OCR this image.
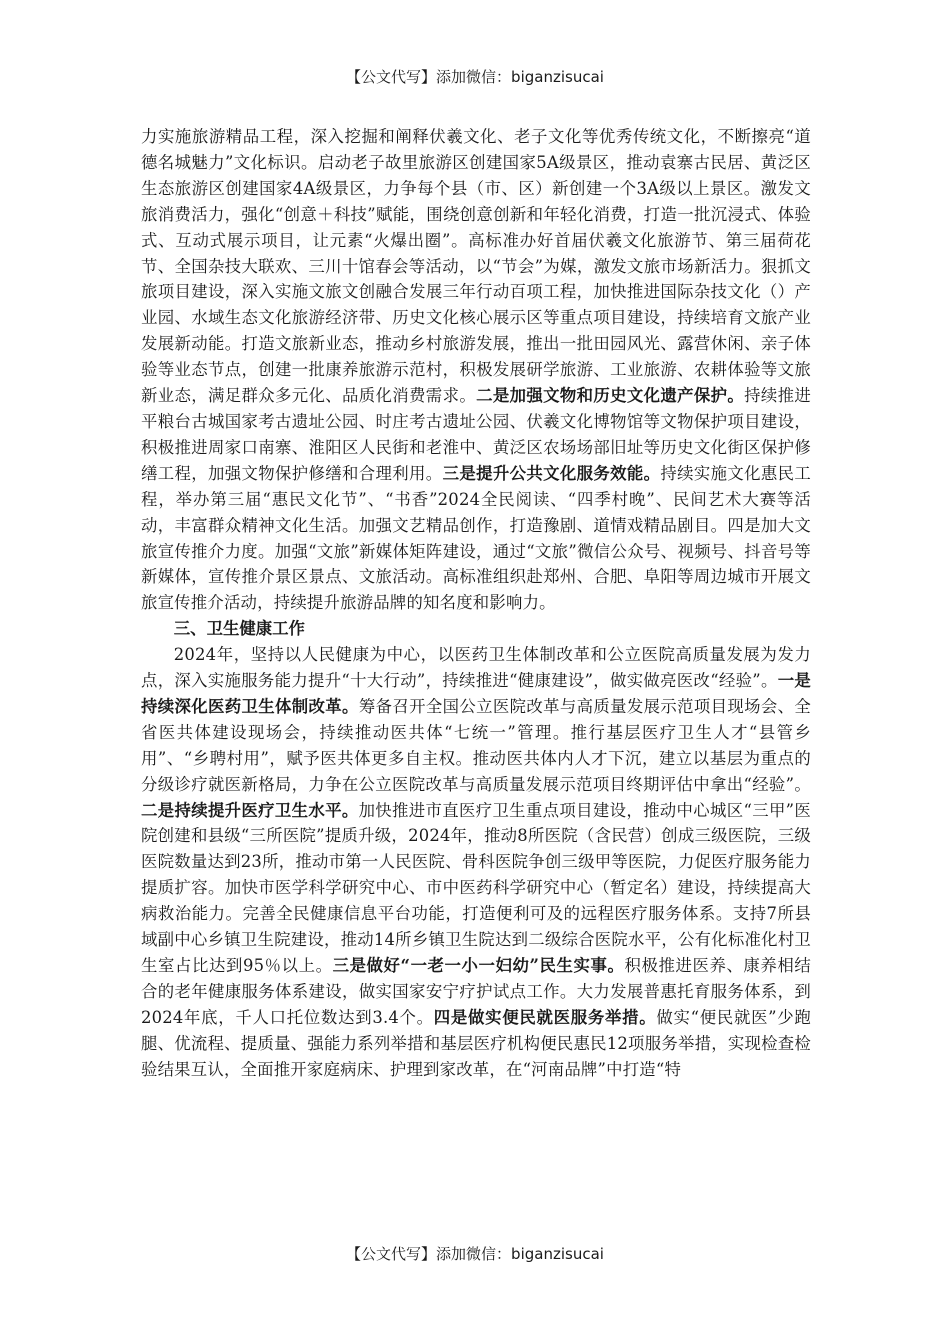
【公文代写】添加微信：biganzisucai

力实施旅游精品工程，深入挖掘和阐释伏羲文化、老子文化等优秀传统文化，不断擦亮“道德名城魅力”文化标识。启动老子故里旅游区创建国家5A级景区，推动袁寨古民居、黄泛区生态旅游区创建国家4A级景区，力争每个县（市、区）新创建一个3A级以上景区。激发文旅消费活力，强化“创意＋科技”赋能，围绕创意创新和年轻化消费，打造一批沉浸式、体验式、互动式展示项目，让元素“火爆出圈”。高标准办好首届伏羲文化旅游节、第三届荷花节、全国杂技大联欢、三川十馆春会等活动，以“节会”为媒，激发文旅市场新活力。狠抓文旅项目建设，深入实施文旅文创融合发展三年行动百项工程，加快推进国际杂技文化（）产业园、水域生态文化旅游经济带、历史文化核心展示区等重点项目建设，持续培育文旅产业发展新动能。打造文旅新业态，推动乡村旅游发展，推出一批田园风光、露营休闲、亲子体验等业态节点，创建一批康养旅游示范村，积极发展研学旅游、工业旅游、农耕体验等文旅新业态，满足群众多元化、品质化消费需求。二是加强文物和历史文化遗产保护。持续推进平粮台古城国家考古遗址公园、时庄考古遗址公园、伏羲文化博物馆等文物保护项目建设，积极推进周家口南寨、淮阳区人民街和老淮中、黄泛区农场场部旧址等历史文化街区保护修缮工程，加强文物保护修缮和合理利用。三是提升公共文化服务效能。持续实施文化惠民工程，举办第三届“惠民文化节”、“书香”2024全民阅读、“四季村晚”、民间艺术大赛等活动，丰富群众精神文化生活。加强文艺精品创作，打造豫剧、道情戏精品剧目。四是加大文旅宣传推介力度。加强“文旅”新媒体矩阵建设，通过“文旅”微信公众号、视频号、抖音号等新媒体，宣传推介景区景点、文旅活动。高标准组织赴郑州、合肥、阜阳等周边城市开展文旅宣传推介活动，持续提升旅游品牌的知名度和影响力。

三、卫生健康工作

2024年，坚持以人民健康为中心，以医药卫生体制改革和公立医院高质量发展为发力点，深入实施服务能力提升“十大行动”，持续推进“健康建设”，做实做亮医改“经验”。一是持续深化医药卫生体制改革。筹备召开全国公立医院改革与高质量发展示范项目现场会、全省医共体建设现场会，持续推动医共体“七统一”管理。推行基层医疗卫生人才“县管乡用”、“乡聘村用”，赋予医共体更多自主权。推动医共体内人才下沉，建立以基层为重点的分级诊疗就医新格局，力争在公立医院改革与高质量发展示范项目终期评估中拿出“经验”。二是持续提升医疗卫生水平。加快推进市直医疗卫生重点项目建设，推动中心城区“三甲”医院创建和县级“三所医院”提质升级，2024年，推动8所医院（含民营）创成三级医院，三级医院数量达到23所，推动市第一人民医院、骨科医院争创三级甲等医院，力促医疗服务能力提质扩容。加快市医学科学研究中心、市中医药科学研究中心（暂定名）建设，持续提高大病救治能力。完善全民健康信息平台功能，打造便利可及的远程医疗服务体系。支持7所县域副中心乡镇卫生院建设，推动14所乡镇卫生院达到二级综合医院水平，公有化标准化村卫生室占比达到95％以上。三是做好“一老一小一妇幼”民生实事。积极推进医养、康养相结合的老年健康服务体系建设，做实国家安宁疗护试点工作。大力发展普惠托育服务体系，到2024年底，千人口托位数达到3.4个。四是做实便民就医服务举措。做实“便民就医”少跑腿、优流程、提质量、强能力系列举措和基层医疗机构便民惠民12项服务举措，实现检查检验结果互认，全面推开家庭病床、护理到家改革，在“河南品牌”中打造“特

【公文代写】添加微信：biganzisucai
